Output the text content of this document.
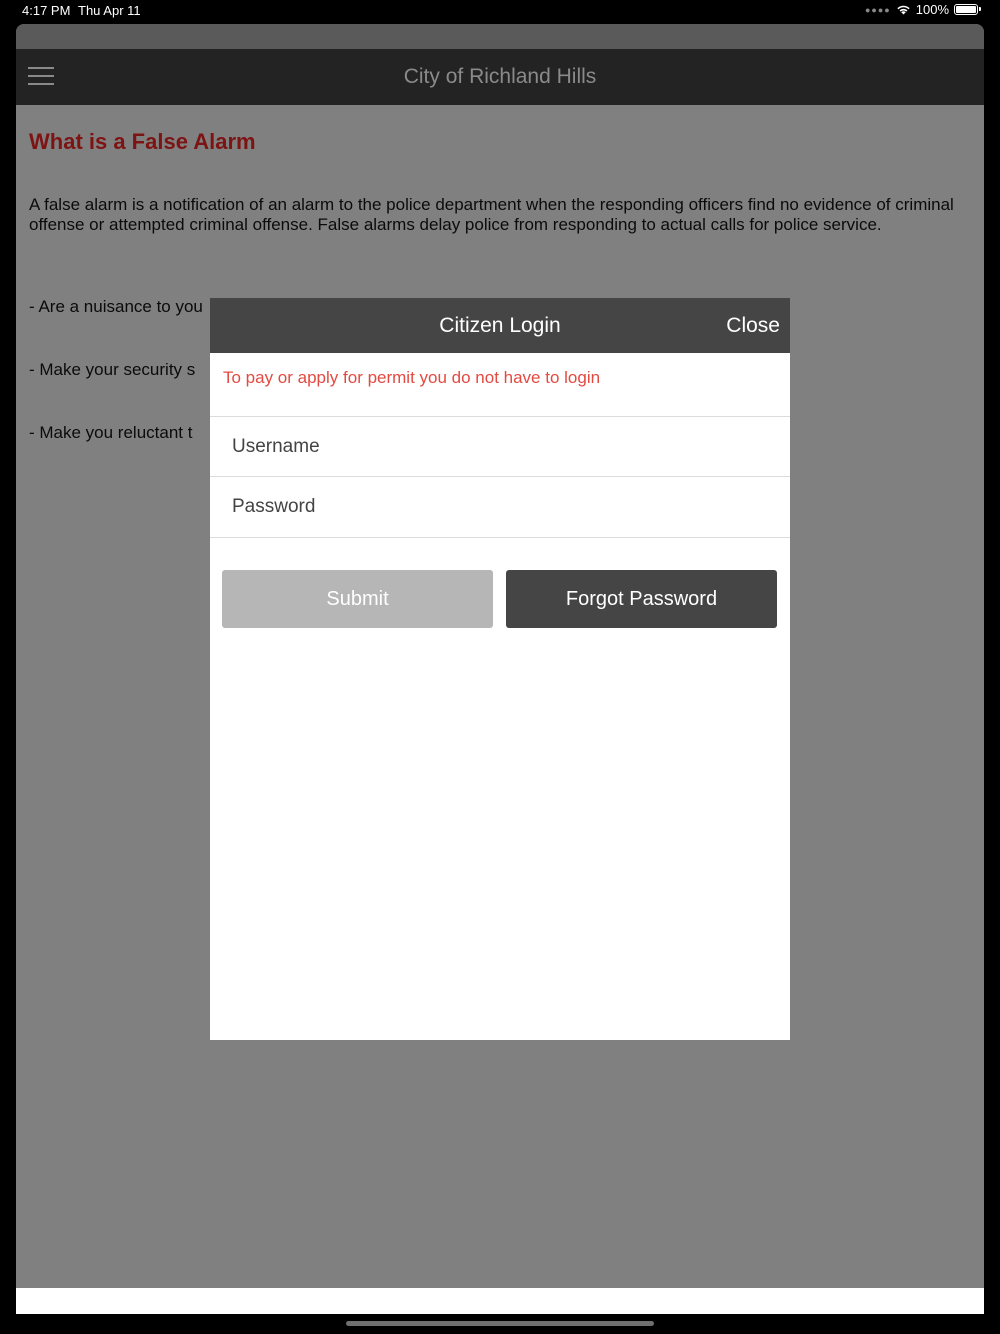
4:17 PM Thu Apr 11	●●●● 100%
City of Richland Hills
What is a False Alarm

A false alarm is a notification of an alarm to the police department when the responding officers find no evidence of criminal offense or attempted criminal offense. False alarms delay police from responding to actual calls for police service.

- Are a nuisance to you

- Make your security s

- Make you reluctant t

Citizen Login	Close
To pay or apply for permit you do not have to login
Username
Submit	Forgot Password
